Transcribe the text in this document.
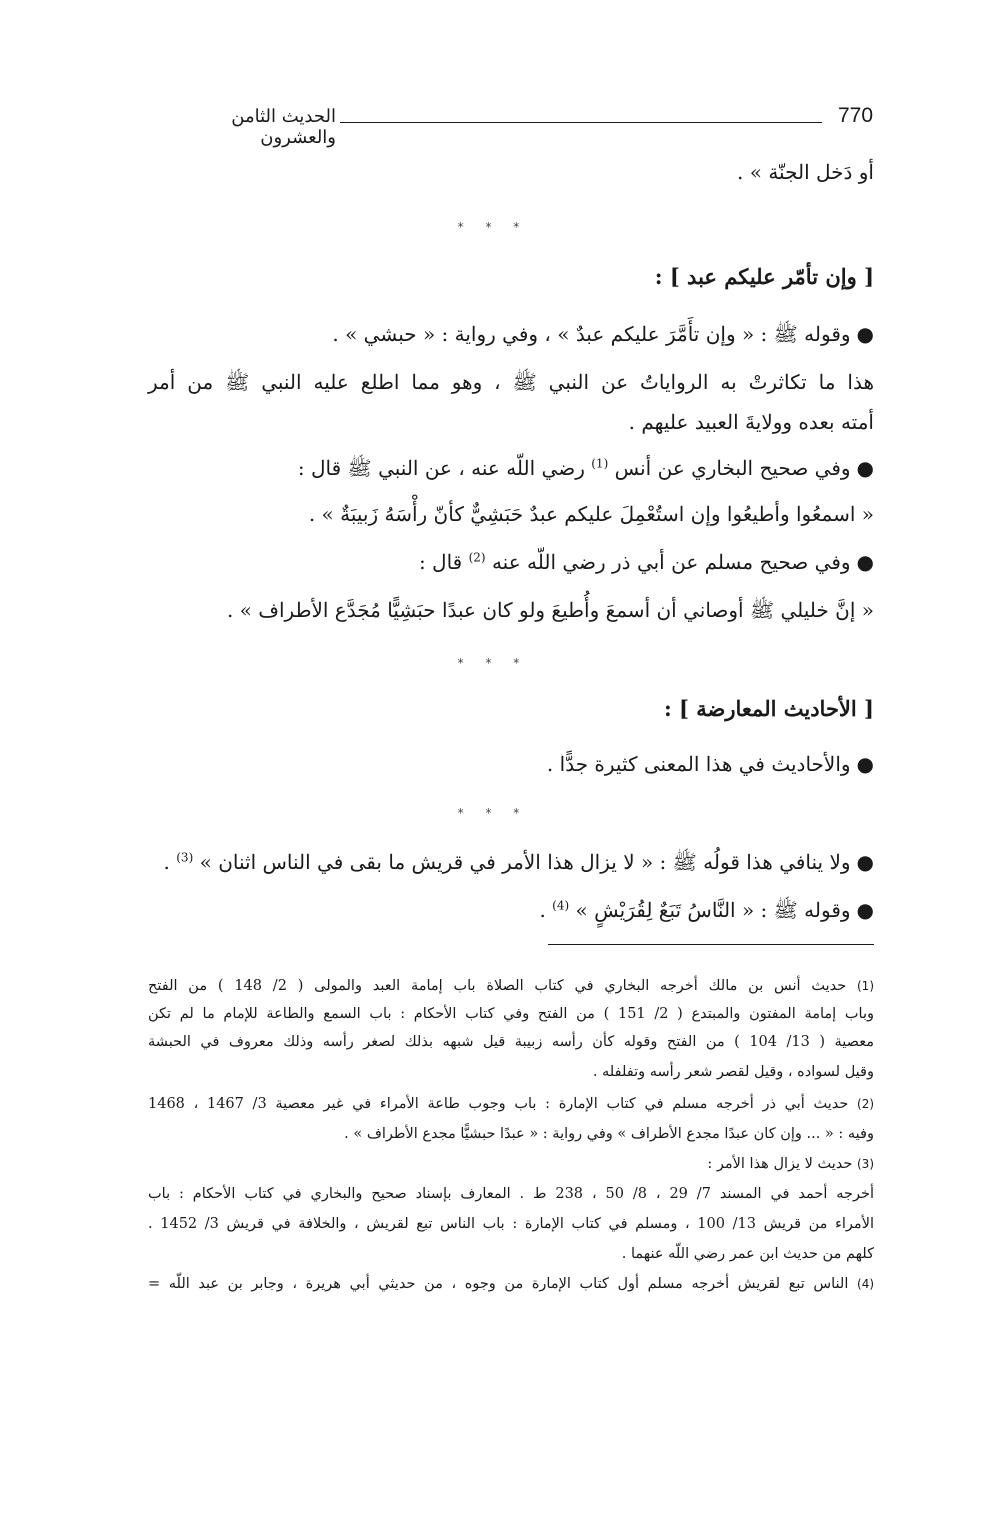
770
الحديث الثامن والعشرون
أو دَخل الجنّة » .
* * *
[ وإن تأمّر عليكم عبد ] :
●وقوله ﷺ : « وإن تأَمَّرَ عليكم عبدٌ » ، وفي رواية : « حبشي » .
هذا ما تكاثرتْ به الرواياتُ عن النبي ﷺ ، وهو مما اطلع عليه النبي ﷺ من أمر
أمته بعده وولايةَ العبيد عليهم .
●وفي صحيح البخاري عن أنس $^{(1)}$ رضي اللّه عنه ، عن النبي ﷺ قال :
« اسمعُوا وأطيعُوا وإن استُعْمِلَ عليكم عبدٌ حَبَشِيٌّ كأنّ رأْسَهُ زَبيبَةٌ » .
●وفي صحيح مسلم عن أبي ذر رضي اللّه عنه $^{(2)}$ قال :
« إنَّ خليلي ﷺ أوصاني أن أسمعَ وأُطيعَ ولو كان عبدًا حبَشِيًّا مُجَدَّع الأطراف » .
* * *
[ الأحاديث المعارضة ] :
●والأحاديث في هذا المعنى كثيرة جدًّا .
* * *
●ولا ينافي هذا قولُه ﷺ : « لا يزال هذا الأمر في قريش ما بقى في الناس اثنان » $^{(3)}$ .
●وقوله ﷺ : « النَّاسُ تَبَعٌ لِقُرَيْشٍ » $^{(4)}$ .
(1) حديث أنس بن مالك أخرجه البخاري في كتاب الصلاة باب إمامة العبد والمولى ( 2/ 148 ) من الفتح
وباب إمامة المفتون والمبتدع ( 2/ 151 ) من الفتح وفي كتاب الأحكام : باب السمع والطاعة للإمام ما لم تكن
معصية ( 13/ 104 ) من الفتح وقوله كأن رأسه زبيبة قيل شبهه بذلك لصغر رأسه وذلك معروف في الحبشة
وقيل لسواده ، وقيل لقصر شعر رأسه وتفلفله .
(2) حديث أبي ذر أخرجه مسلم في كتاب الإمارة : باب وجوب طاعة الأمراء في غير معصية 3/ 1467 ، 1468
وفيه : « ... وإن كان عبدًا مجدع الأطراف » وفي رواية : « عبدًا حبشيًّا مجدع الأطراف » .
(3) حديث لا يزال هذا الأمر :
أخرجه أحمد في المسند 7/ 29 ، 8/ 50 ، 238 ط . المعارف بإسناد صحيح والبخاري في كتاب الأحكام : باب
الأمراء من قريش 13/ 100 ، ومسلم في كتاب الإمارة : باب الناس تبع لقريش ، والخلافة في قريش 3/ 1452 .
كلهم من حديث ابن عمر رضي اللّه عنهما .
(4) الناس تبع لقريش أخرجه مسلم أول كتاب الإمارة من وجوه ، من حديثي أبي هريرة ، وجابر بن عبد اللّه =
